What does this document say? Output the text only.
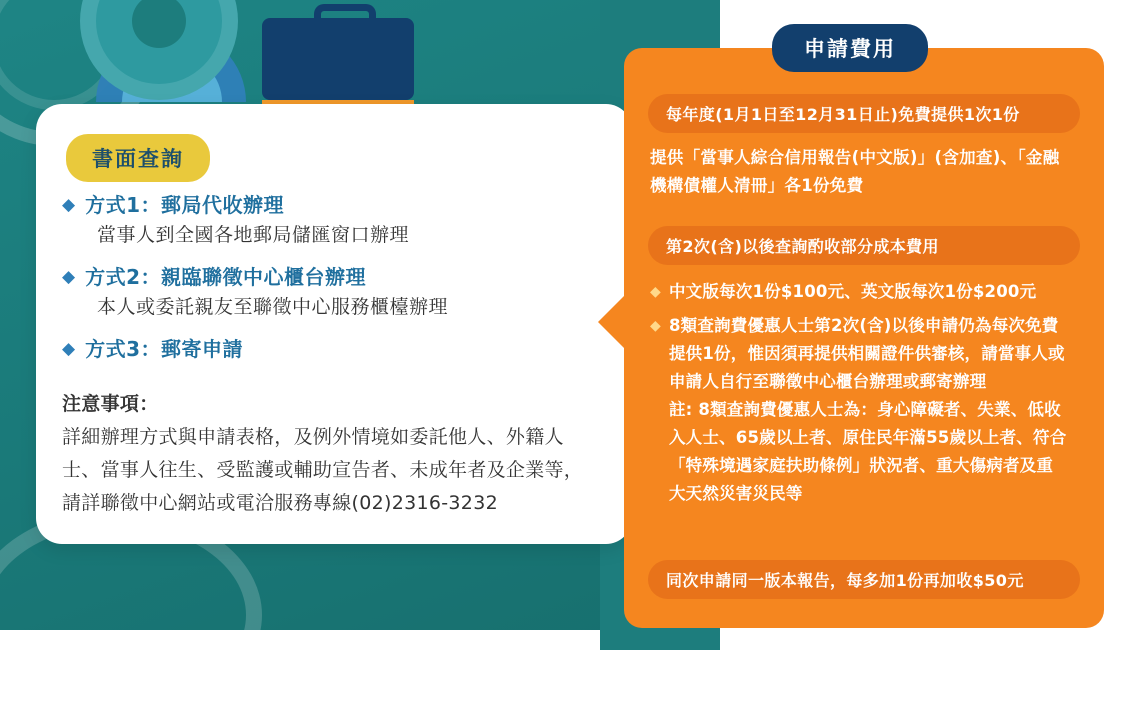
書面查詢
◆ 方式1：郵局代收辦理
當事人到全國各地郵局儲匯窗口辦理
◆ 方式2：親臨聯徵中心櫃台辦理
本人或委託親友至聯徵中心服務櫃檯辦理
◆ 方式3：郵寄申請
注意事項：
詳細辦理方式與申請表格，及例外情境如委託他人、外籍人士、當事人往生、受監護或輔助宣告者、未成年者及企業等，請詳聯徵中心網站或電洽服務專線(02)2316-3232
申請費用
每年度(1月1日至12月31日止)免費提供1次1份
提供「當事人綜合信用報告(中文版)」(含加查)、「金融機構債權人清冊」各1份免費
第2次(含)以後查詢酌收部分成本費用
◆ 中文版每次1份$100元、英文版每次1份$200元
◆ 8類查詢費優惠人士第2次(含)以後申請仍為每次免費提供1份，惟因須再提供相關證件供審核，請當事人或申請人自行至聯徵中心櫃台辦理或郵寄辦理
註: 8類查詢費優惠人士為：身心障礙者、失業、低收入人士、65歲以上者、原住民年滿55歲以上者、符合「特殊境遇家庭扶助條例」狀況者、重大傷病者及重大天然災害災民等
同次申請同一版本報告，每多加1份再加收$50元
